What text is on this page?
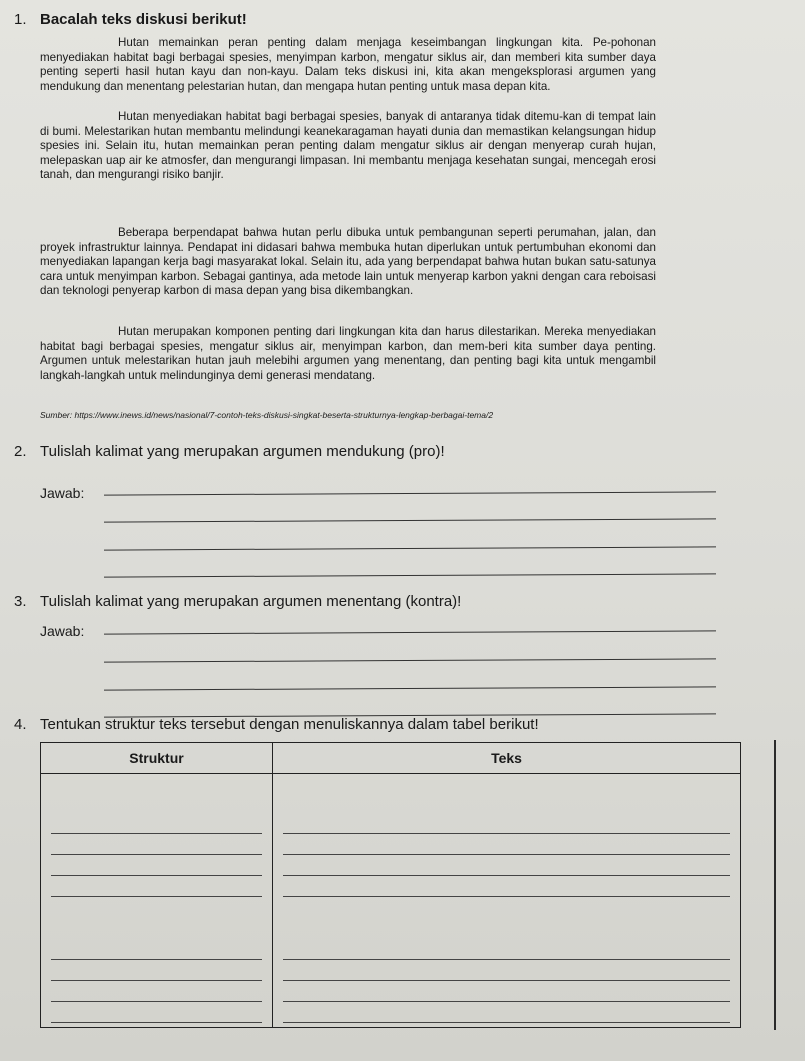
1. Bacalah teks diskusi berikut!

Hutan memainkan peran penting dalam menjaga keseimbangan lingkungan kita. Pe-pohonan menyediakan habitat bagi berbagai spesies, menyimpan karbon, mengatur siklus air, dan memberi kita sumber daya penting seperti hasil hutan kayu dan non-kayu. Dalam teks diskusi ini, kita akan mengeksplorasi argumen yang mendukung dan menentang pelestarian hutan, dan mengapa hutan penting untuk masa depan kita.

Hutan menyediakan habitat bagi berbagai spesies, banyak di antaranya tidak ditemu-kan di tempat lain di bumi. Melestarikan hutan membantu melindungi keanekaragaman hayati dunia dan memastikan kelangsungan hidup spesies ini. Selain itu, hutan memainkan peran penting dalam mengatur siklus air dengan menyerap curah hujan, melepaskan uap air ke atmosfer, dan mengurangi limpasan. Ini membantu menjaga kesehatan sungai, mencegah erosi tanah, dan mengurangi risiko banjir.

Beberapa berpendapat bahwa hutan perlu dibuka untuk pembangunan seperti perumahan, jalan, dan proyek infrastruktur lainnya. Pendapat ini didasari bahwa membuka hutan diperlukan untuk pertumbuhan ekonomi dan menyediakan lapangan kerja bagi masyarakat lokal. Selain itu, ada yang berpendapat bahwa hutan bukan satu-satunya cara untuk menyimpan karbon. Sebagai gantinya, ada metode lain untuk menyerap karbon yakni dengan cara reboisasi dan teknologi penyerap karbon di masa depan yang bisa dikembangkan.

Hutan merupakan komponen penting dari lingkungan kita dan harus dilestarikan. Mereka menyediakan habitat bagi berbagai spesies, mengatur siklus air, menyimpan karbon, dan mem-beri kita sumber daya penting. Argumen untuk melestarikan hutan jauh melebihi argumen yang menentang, dan penting bagi kita untuk mengambil langkah-langkah untuk melindunginya demi generasi mendatang.

Sumber: https://www.inews.id/news/nasional/7-contoh-teks-diskusi-singkat-beserta-strukturnya-lengkap-berbagai-tema/2
2. Tulislah kalimat yang merupakan argumen mendukung (pro)!
Jawab:
3. Tulislah kalimat yang merupakan argumen menentang (kontra)!
Jawab:
4. Tentukan struktur teks tersebut dengan menuliskannya dalam tabel berikut!
Struktur	Teks
